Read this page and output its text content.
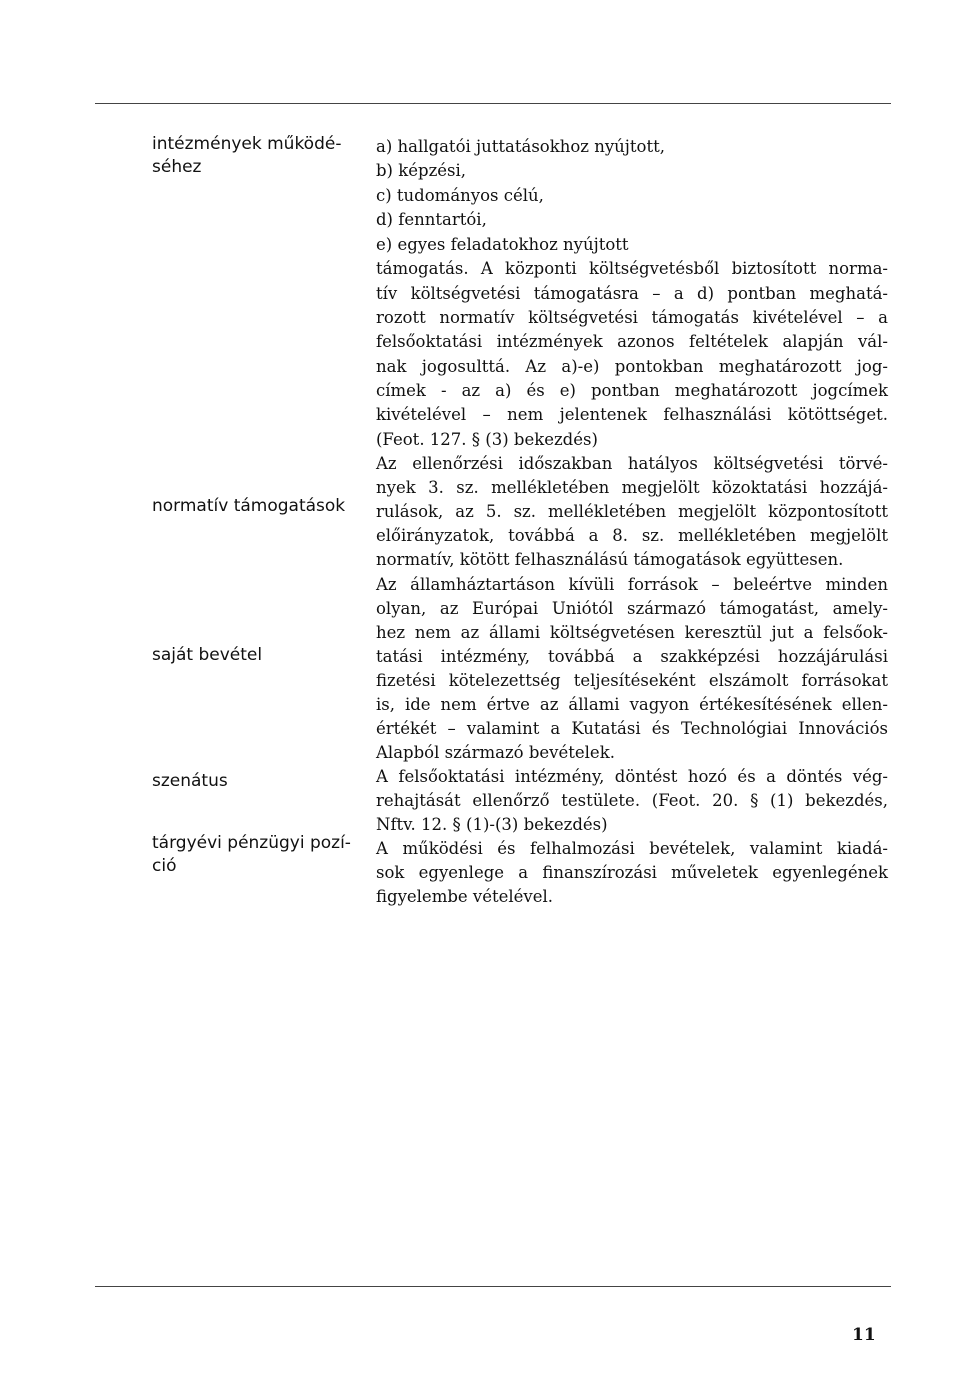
intézmények működé-
séhez
normatív támogatások
saját bevétel
szenátus
tárgyévi pénzügyi pozí-
ció
a) hallgatói juttatásokhoz nyújtott,
b) képzési,
c) tudományos célú,
d) fenntartói,
e) egyes feladatokhoz nyújtott
támogatás. A központi költségvetésből biztosított norma-
tív költségvetési támogatásra – a d) pontban meghatá-
rozott normatív költségvetési támogatás kivételével – a
felsőoktatási intézmények azonos feltételek alapján vál-
nak jogosulttá. Az a)-e) pontokban meghatározott jog-
címek - az a) és e) pontban meghatározott jogcímek
kivételével – nem jelentenek felhasználási kötöttséget.
(Feot. 127. § (3) bekezdés)
Az ellenőrzési időszakban hatályos költségvetési törvé-
nyek 3. sz. mellékletében megjelölt közoktatási hozzájá-
rulások, az 5. sz. mellékletében megjelölt központosított
előirányzatok, továbbá a 8. sz. mellékletében megjelölt
normatív, kötött felhasználású támogatások együttesen.
Az államháztartáson kívüli források – beleértve minden
olyan, az Európai Uniótól származó támogatást, amely-
hez nem az állami költségvetésen keresztül jut a felsőok-
tatási intézmény, továbbá a szakképzési hozzájárulási
fizetési kötelezettség teljesítéseként elszámolt forrásokat
is, ide nem értve az állami vagyon értékesítésének ellen-
értékét – valamint a Kutatási és Technológiai Innovációs
Alapból származó bevételek.
A felsőoktatási intézmény, döntést hozó és a döntés vég-
rehajtását ellenőrző testülete. (Feot. 20. § (1) bekezdés,
Nftv. 12. § (1)-(3) bekezdés)
A működési és felhalmozási bevételek, valamint kiadá-
sok egyenlege a finanszírozási műveletek egyenlegének
figyelembe vételével.
11
